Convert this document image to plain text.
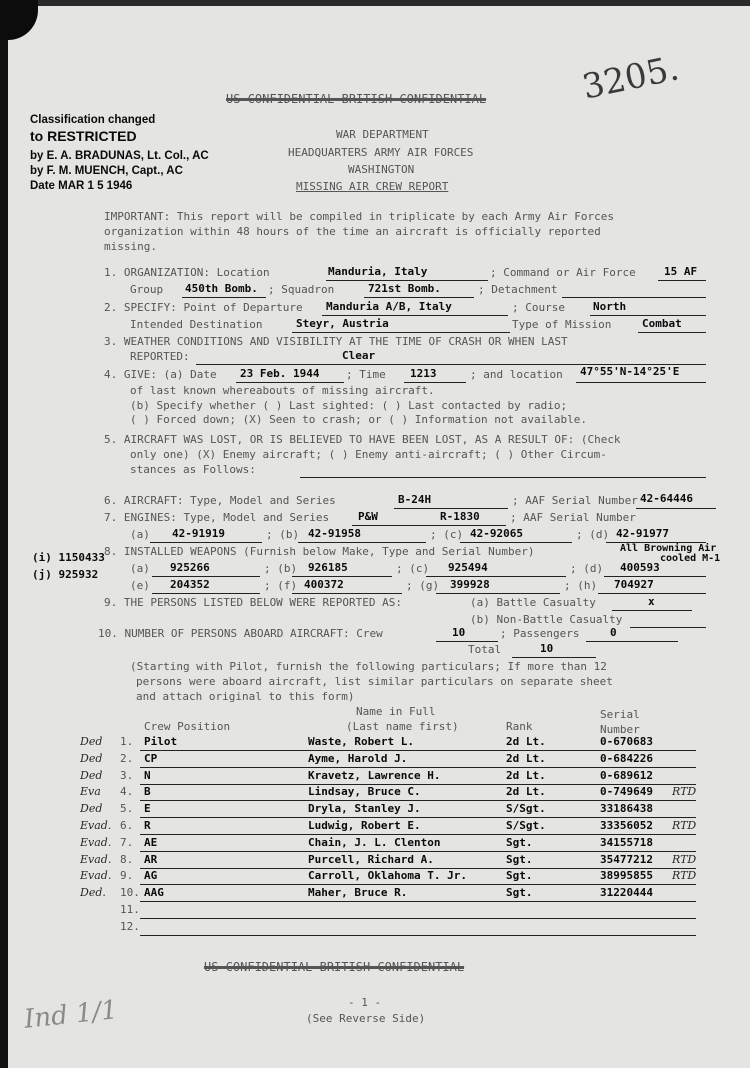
US CONFIDENTIAL BRITISH CONFIDENTIAL	3205.
Classification changed
to RESTRICTED
by E. A. BRADUNAS, Lt. Col., AC
by F. M. MUENCH, Capt., AC
Date MAR 1 5 1946
WAR DEPARTMENT
HEADQUARTERS ARMY AIR FORCES
WASHINGTON
MISSING AIR CREW REPORT
IMPORTANT: This report will be compiled in triplicate by each Army Air Forces
organization within 48 hours of the time an aircraft is officially reported
missing.
1. ORGANIZATION: Location	Manduria, Italy	; Command or Air Force	15 AF
Group 450th Bomb. ; Squadron	721st Bomb.	; Detachment
2. SPECIFY: Point of Departure Manduria A/B, Italy	; Course	North
Intended Destination	Steyr, Austria	Type of Mission	Combat
3. WEATHER CONDITIONS AND VISIBILITY AT THE TIME OF CRASH OR WHEN LAST
REPORTED:	Clear
4. GIVE: (a) Date 23 Feb. 1944 ; Time 1213	; and location 47°55'N-14°25'E
of last known whereabouts of missing aircraft.
(b) Specify whether ( ) Last sighted: ( ) Last contacted by radio;
( ) Forced down; (X) Seen to crash; or ( ) Information not available.
5. AIRCRAFT WAS LOST, OR IS BELIEVED TO HAVE BEEN LOST, AS A RESULT OF: (Check
only one) (X) Enemy aircraft; ( ) Enemy anti-aircraft; ( ) Other Circum-
stances as Follows:
6. AIRCRAFT: Type, Model and Series	B-24H	; AAF Serial Number 42-64446
7. ENGINES: Type, Model and Series	P&W	R-1830	; AAF Serial Number
(a) 42-91919	; (b) 42-91958	; (c) 42-92065	; (d) 42-91977
(i) 1150433
(j) 925932
8. INSTALLED WEAPONS (Furnish below Make, Type and Serial Number)	All Browning Air
cooled M-1
(a) 925266	; (b) 926185	; (c) 925494	; (d) 400593
(e) 204352	; (f) 400372	; (g) 399928	; (h) 704927
9. THE PERSONS LISTED BELOW WERE REPORTED AS:	(a) Battle Casualty	x
(b) Non-Battle Casualty
10. NUMBER OF PERSONS ABOARD AIRCRAFT: Crew	10	; Passengers	0
Total	10
(Starting with Pilot, furnish the following particulars; If more than 12
persons were aboard aircraft, list similar particulars on separate sheet
and attach original to this form)
Name in Full	Serial
Crew Position	(Last name first)	Rank	Number
Ded 1. Pilot	Waste, Robert L.	2d Lt.	0-670683
Ded 2. CP	Ayme, Harold J.	2d Lt.	0-684226
Ded 3. N	Kravetz, Lawrence H.	2d Lt.	0-689612
Eva 4. B	Lindsay, Bruce C.	2d Lt.	0-749649 RTD
Ded 5. E	Dryla, Stanley J.	S/Sgt.	33186438
Evad. 6. R	Ludwig, Robert E.	S/Sgt.	33356052 RTD
Evad. 7. AE	Chain, J. L. Clenton	Sgt.	34155718
Evad. 8. AR	Purcell, Richard A.	Sgt.	35477212 RTD
Evad. 9. AG	Carroll, Oklahoma T. Jr.	Sgt.	38995855 RTD
Ded. 10. AAG	Maher, Bruce R.	Sgt.	31220444
11.
12.
US CONFIDENTIAL BRITISH CONFIDENTIAL
- 1 -
(See Reverse Side)
Ind 1/1
